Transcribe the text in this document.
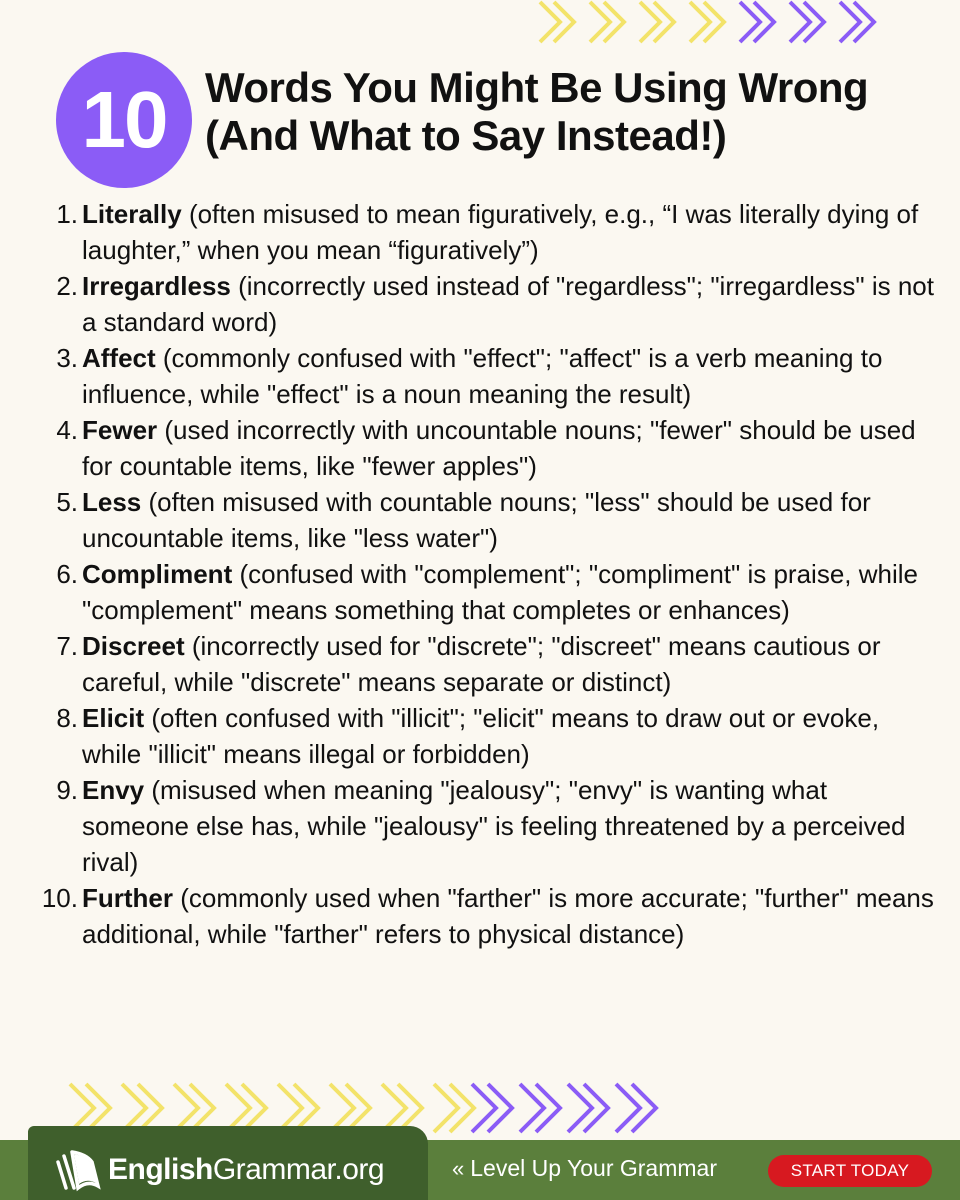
10 Words You Might Be Using Wrong
(And What to Say Instead!)
1. Literally (often misused to mean figuratively, e.g., “I was literally dying of laughter,” when you mean “figuratively”)
2. Irregardless (incorrectly used instead of "regardless"; "irregardless" is not a standard word)
3. Affect (commonly confused with "effect"; "affect" is a verb meaning to influence, while "effect" is a noun meaning the result)
4. Fewer (used incorrectly with uncountable nouns; "fewer" should be used for countable items, like "fewer apples")
5. Less (often misused with countable nouns; "less" should be used for uncountable items, like "less water")
6. Compliment (confused with "complement"; "compliment" is praise, while "complement" means something that completes or enhances)
7. Discreet (incorrectly used for "discrete"; "discreet" means cautious or careful, while "discrete" means separate or distinct)
8. Elicit (often confused with "illicit"; "elicit" means to draw out or evoke, while "illicit" means illegal or forbidden)
9. Envy (misused when meaning "jealousy"; "envy" is wanting what someone else has, while "jealousy" is feeling threatened by a perceived rival)
10. Further (commonly used when "farther" is more accurate; "further" means additional, while "farther" refers to physical distance)
EnglishGrammar.org	« Level Up Your Grammar	START TODAY
